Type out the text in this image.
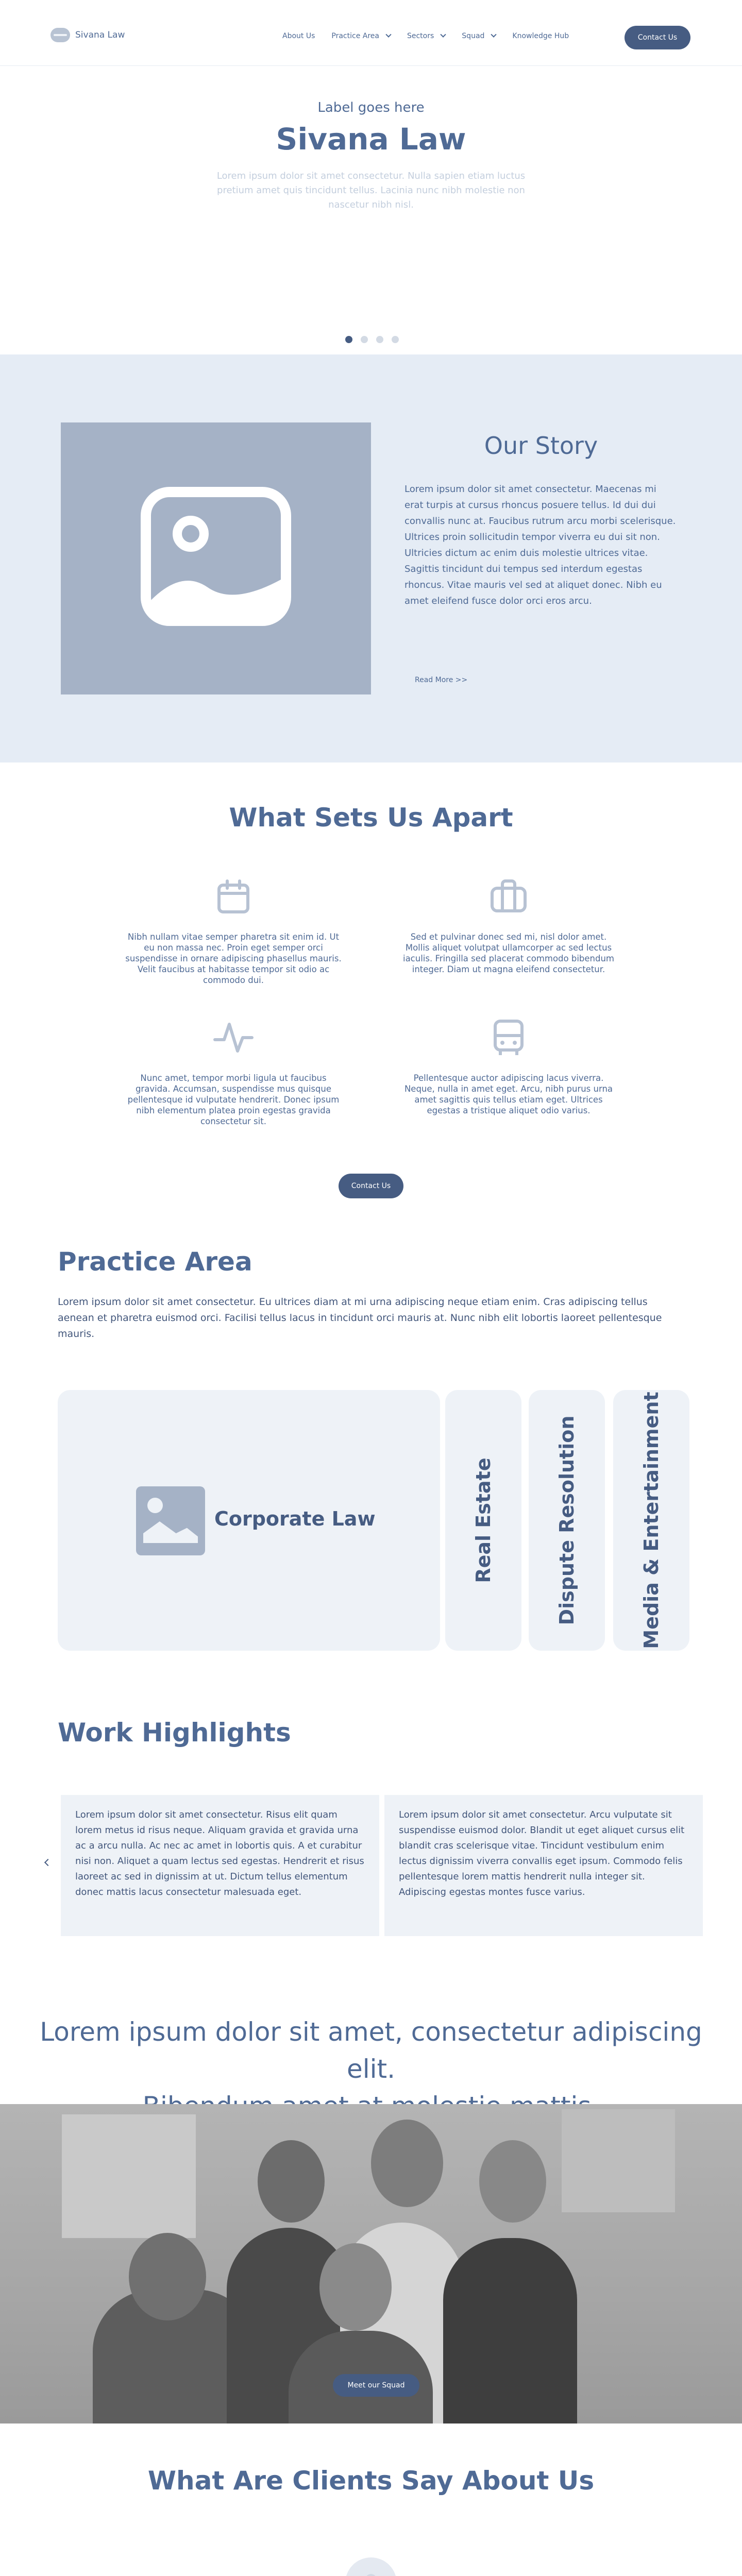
Sivana Law	About Us Practice Area	Sectors	Squad	Knowledge Hub	Contact Us
Label goes here
Sivana Law

Lorem ipsum dolor sit amet consectetur. Nulla sapien etiam luctus pretium amet quis tincidunt tellus. Lacinia nunc nibh molestie non nascetur nibh nisl.

Our Story

Lorem ipsum dolor sit amet consectetur. Maecenas mi erat turpis at cursus rhoncus posuere tellus. Id dui dui convallis nunc at. Faucibus rutrum arcu morbi scelerisque. Ultrices proin sollicitudin tempor viverra eu dui sit non. Ultricies dictum ac enim duis molestie ultrices vitae. Sagittis tincidunt dui tempus sed interdum egestas rhoncus. Vitae mauris vel sed at aliquet donec. Nibh eu amet eleifend fusce dolor orci eros arcu.

Read More >>
What Sets Us Apart

Nibh nullam vitae semper pharetra sit enim id. Ut eu non massa nec. Proin eget semper orci suspendisse in ornare adipiscing phasellus mauris. Velit faucibus at habitasse tempor sit odio ac commodo dui.

Sed et pulvinar donec sed mi, nisl dolor amet. Mollis aliquet volutpat ullamcorper ac sed lectus iaculis. Fringilla sed placerat commodo bibendum integer. Diam ut magna eleifend consectetur.

Nunc amet, tempor morbi ligula ut faucibus gravida. Accumsan, suspendisse mus quisque pellentesque id vulputate hendrerit. Donec ipsum nibh elementum platea proin egestas gravida consectetur sit.

Pellentesque auctor adipiscing lacus viverra. Neque, nulla in amet eget. Arcu, nibh purus urna amet sagittis quis tellus etiam eget. Ultrices egestas a tristique aliquet odio varius.

Contact Us
Practice Area

Lorem ipsum dolor sit amet consectetur. Eu ultrices diam at mi urna adipiscing neque etiam enim. Cras adipiscing tellus aenean et pharetra euismod orci. Facilisi tellus lacus in tincidunt orci mauris at. Nunc nibh elit lobortis laoreet pellentesque mauris.

Corporate Law	Real Estate	Dispute Resolution	Media & Entertainment
Work Highlights
Lorem ipsum dolor sit amet consectetur. Risus elit quam lorem metus id risus neque. Aliquam gravida et gravida urna ac a arcu nulla. Ac nec ac amet in lobortis quis. A et curabitur nisi non. Aliquet a quam lectus sed egestas. Hendrerit et risus laoreet ac sed in dignissim at ut. Dictum tellus elementum donec mattis lacus consectetur malesuada eget.
Lorem ipsum dolor sit amet consectetur. Arcu vulputate sit suspendisse euismod dolor. Blandit ut eget aliquet cursus elit blandit cras scelerisque vitae. Tincidunt vestibulum enim lectus dignissim viverra convallis eget ipsum. Commodo felis pellentesque lorem mattis hendrerit nulla integer sit. Adipiscing egestas montes fusce varius.
Lorem ipsum dolor sit amet, consectetur adipiscing elit.
Meet our Squad
What Are Clients Say About Us
